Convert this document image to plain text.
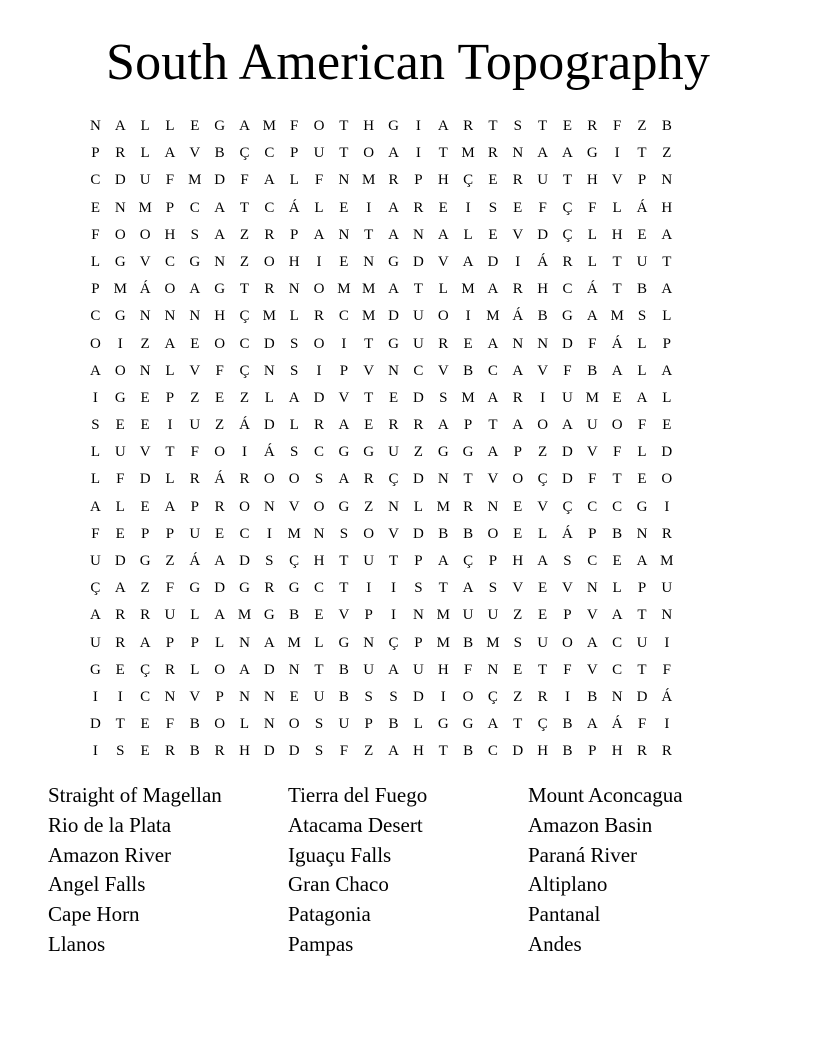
South American Topography
N A L	L	E G A M F	O T H G	I	A R	T	S	T	E	R	F	Z	B
P	R	L A V B Ç C	P	U T O A	I	T M R N A A G	I	T	Z
C D U	F M D	F	A L	F	N M R	P	H Ç	E	R U T H V	P	N
E N M P	C A T	C Á L	E	I	A R	E	I	S	E	F	Ç	F	L Á H
F	O O H	S	A Z	R	P	A N T A N A L	E V D Ç	L H E A
L G V C G N Z O H	I	E N G D V A D	I	Á R	L	T U T
P M Á O A G T	R N O M M A T	L M A R H C Á T	B A
C G N N N H Ç M L	R C M D U O	I	M Á B G A M S	L
O	I	Z A E O C D	S	O	I	T G U R	E A N N D	F	Á L	P
A O N L V	F	Ç N	S	I	P	V N C V B C A V	F	B A L A
I	G E	P	Z	E	Z	L A D V T	E D	S M A R	I	U M E A L
S	E	E	I	U Z Á D L	R A E	R R A	P	T A O A U O	F	E
L U V T	F	O	I	Á	S	C G G U Z G G A	P	Z D V	F	L D
L	F	D L	R Á R O O	S	A R Ç D N T V O Ç D	F	T	E O
A L	E A	P	R O N V O G Z N L M R N E V Ç C C G	I
F	E	P	P	U E	C	I	M N	S	O V D B B O E	L Á	P	B N R
U D G Z Á A D	S	Ç H T U T	P	A Ç	P	H A	S	C	E A M
Ç A Z	F	G D G R G C	T	I	I	S	T A	S	V E V N L	P	U
A R R U L A M G B	E V	P	I	N M U U Z	E	P	V A T N
U R A	P	P	L N A M L G N Ç	P M B M S	U O A C U	I
G E	Ç R	L O A D N T	B U A U H	F	N E	T	F	V C	T	F
I	I	C N V	P	N N E U B	S	S	D	I	O Ç	Z	R	I	B N D Á
D T	E	F	B O L N O	S	U	P	B	L G G A T	Ç B A Á	F	I
I	S	E	R B R H D D	S	F	Z A H T	B C D H B	P	H R R
Straight of Magellan
Rio de la Plata
Amazon River
Angel Falls
Cape Horn
Llanos
Tierra del Fuego
Atacama Desert
Iguaçu Falls
Gran Chaco
Patagonia
Pampas
Mount Aconcagua
Amazon Basin
Paraná River
Altiplano
Pantanal
Andes
